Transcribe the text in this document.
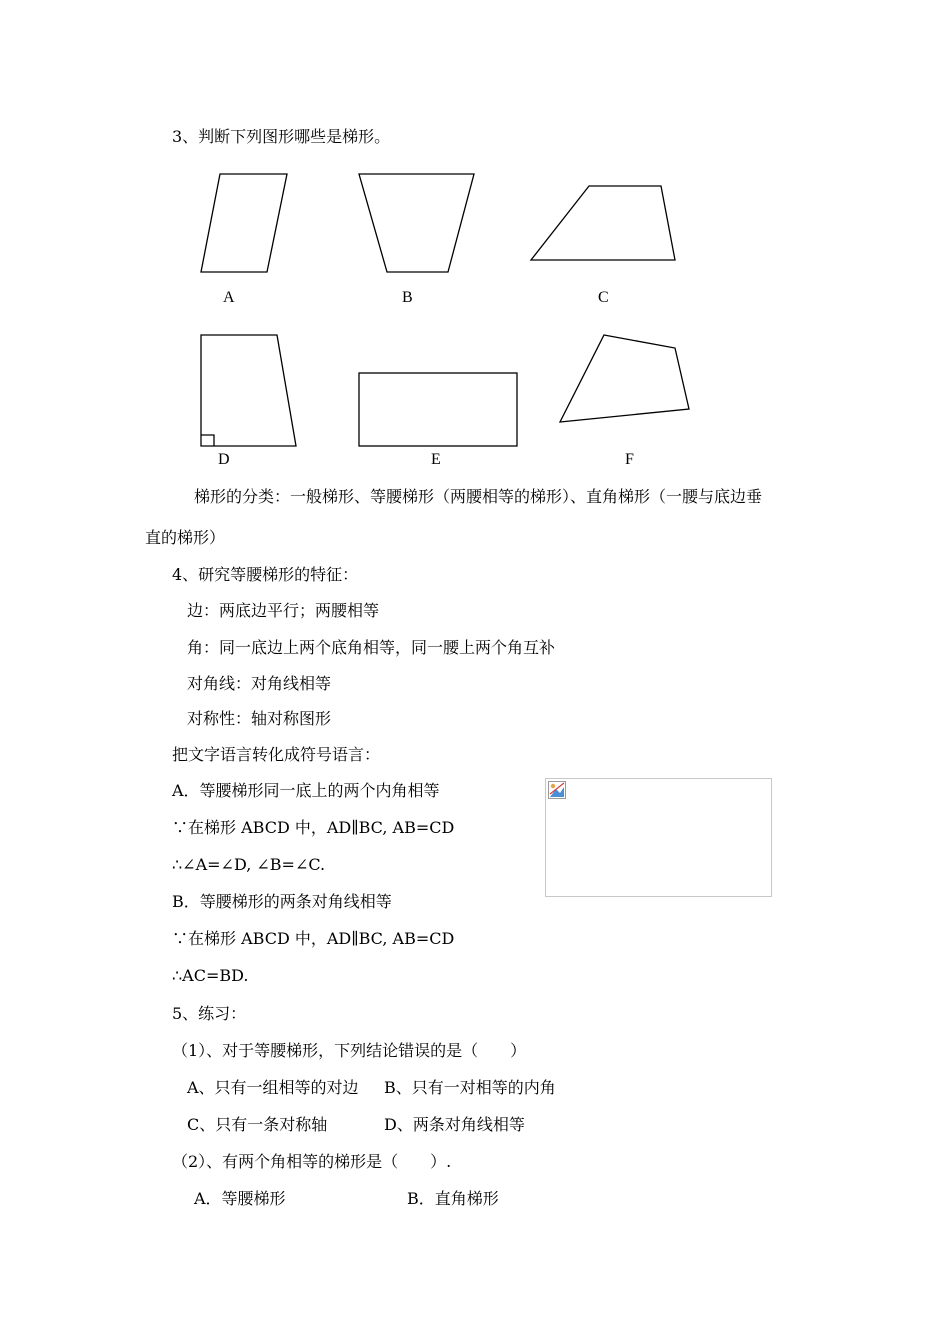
3、判断下列图形哪些是梯形。
A	B	C
D	E	F
梯形的分类：一般梯形、等腰梯形（两腰相等的梯形）、直角梯形（一腰与底边垂
直的梯形）
4、研究等腰梯形的特征：
边：两底边平行；两腰相等
角：同一底边上两个底角相等，同一腰上两个角互补
对角线：对角线相等
对称性：轴对称图形
把文字语言转化成符号语言：
A．等腰梯形同一底上的两个内角相等
∵在梯形 ABCD 中，AD∥BC, AB=CD
∴∠A=∠D, ∠B=∠C.
B．等腰梯形的两条对角线相等
∵在梯形 ABCD 中，AD∥BC, AB=CD
∴AC=BD.
5、练习：
（1）、对于等腰梯形，下列结论错误的是（　　）
A、只有一组相等的对边 B、只有一对相等的内角
C、只有一条对称轴	D、两条对角线相等
（2）、有两个角相等的梯形是（　　）.
A．等腰梯形	B．直角梯形
